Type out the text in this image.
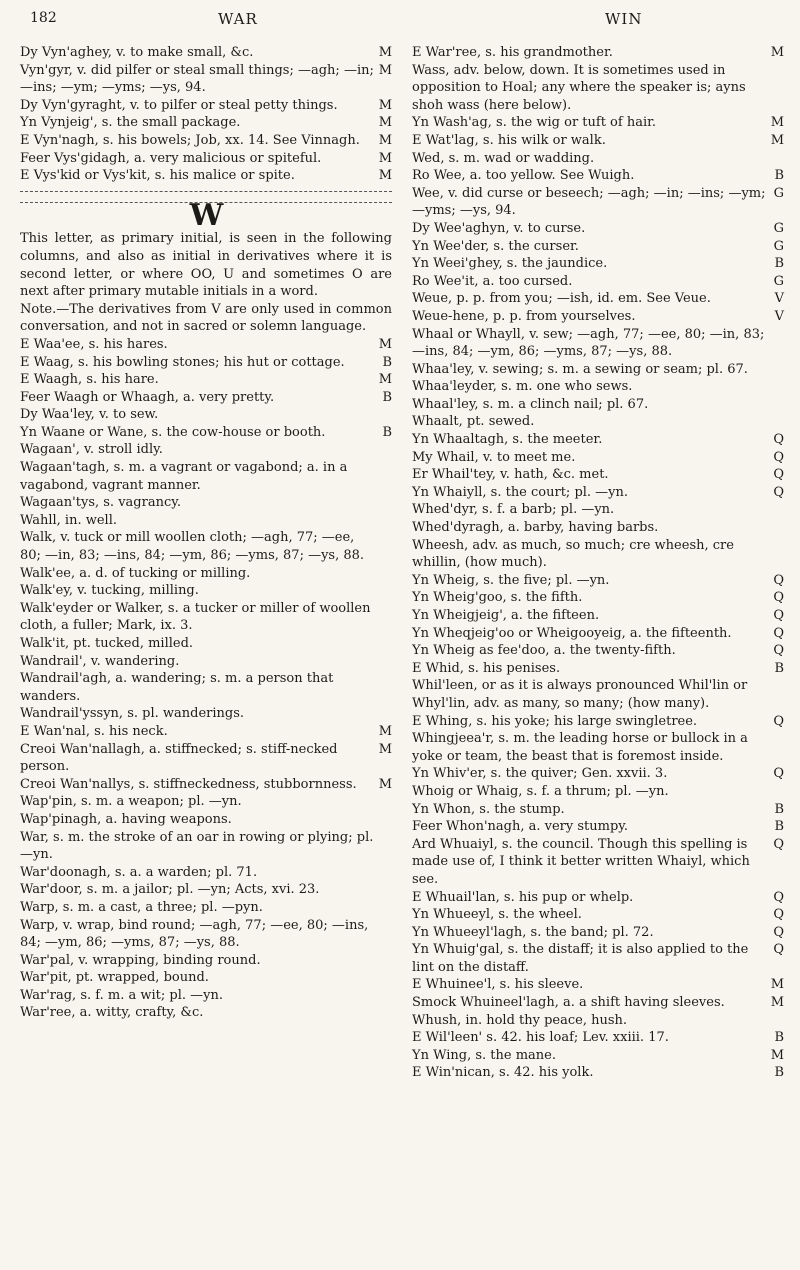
182	WAR	WIN

M
Dy Vyn'aghey, v. to make small, &c.

M
Vyn'gyr, v. did pilfer or steal small things; —agh; —in; —ins; —ym; —yms; —ys, 94.

M
Dy Vyn'gyraght, v. to pilfer or steal petty things.

M
Yn Vynjeig', s. the small package.

M
E Vyn'nagh, s. his bowels; Job, xx. 14. See Vinnagh.

M
Feer Vys'gidagh, a. very malicious or spiteful.

M
E Vys'kid or Vys'kit, s. his malice or spite.

W

This letter, as primary initial, is seen in the following columns, and also as initial in derivatives where it is second letter, or where OO, U and sometimes O are next after primary mutable initials in a word.

Note.—The derivatives from V are only used in common conversation, and not in sacred or solemn language.

M
E Waa'ee, s. his hares.

B
E Waag, s. his bowling stones; his hut or cottage.

M
E Waagh, s. his hare.

B
Feer Waagh or Whaagh, a. very pretty.

Dy Waa'ley, v. to sew.

B
Yn Waane or Wane, s. the cow-house or booth.

Wagaan', v. stroll idly.

Wagaan'tagh, s. m. a vagrant or vagabond; a. in a vagabond, vagrant manner.

Wagaan'tys, s. vagrancy.

Wahll, in. well.

Walk, v. tuck or mill woollen cloth; —agh, 77; —ee, 80; —in, 83; —ins, 84; —ym, 86; —yms, 87; —ys, 88.

Walk'ee, a. d. of tucking or milling.

Walk'ey, v. tucking, milling.

Walk'eyder or Walker, s. a tucker or miller of woollen cloth, a fuller; Mark, ix. 3.

Walk'it, pt. tucked, milled.

Wandrail', v. wandering.

Wandrail'agh, a. wandering; s. m. a person that wanders.

Wandrail'yssyn, s. pl. wanderings.

M
E Wan'nal, s. his neck.

M
Creoi Wan'nallagh, a. stiffnecked; s. stiff-necked person.

M
Creoi Wan'nallys, s. stiffneckedness, stubbornness.

Wap'pin, s. m. a weapon; pl. —yn.

Wap'pinagh, a. having weapons.

War, s. m. the stroke of an oar in rowing or plying; pl. —yn.

War'doonagh, s. a. a warden; pl. 71.

War'door, s. m. a jailor; pl. —yn; Acts, xvi. 23.

Warp, s. m. a cast, a three; pl. —pyn.

Warp, v. wrap, bind round; —agh, 77; —ee, 80; —ins, 84; —ym, 86; —yms, 87; —ys, 88.

War'pal, v. wrapping, binding round.

War'pit, pt. wrapped, bound.

War'rag, s. f. m. a wit; pl. —yn.

War'ree, a. witty, crafty, &c.

M
E War'ree, s. his grandmother.

Wass, adv. below, down. It is sometimes used in opposition to Hoal; any where the speaker is; ayns shoh wass (here below).

M
Yn Wash'ag, s. the wig or tuft of hair.

M
E Wat'lag, s. his wilk or walk.

Wed, s. m. wad or wadding.

B
Ro Wee, a. too yellow. See Wuigh.

G
Wee, v. did curse or beseech; —agh; —in; —ins; —ym; —yms; —ys, 94.

G
Dy Wee'aghyn, v. to curse.

G
Yn Wee'der, s. the curser.

B
Yn Weei'ghey, s. the jaundice.

G
Ro Wee'it, a. too cursed.

V
Weue, p. p. from you; —ish, id. em. See Veue.

V
Weue-hene, p. p. from yourselves.

Whaal or Whayll, v. sew; —agh, 77; —ee, 80; —in, 83; —ins, 84; —ym, 86; —yms, 87; —ys, 88.

Whaa'ley, v. sewing; s. m. a sewing or seam; pl. 67.

Whaa'leyder, s. m. one who sews.

Whaal'ley, s. m. a clinch nail; pl. 67.

Whaalt, pt. sewed.

Q
Yn Whaaltagh, s. the meeter.

Q
My Whail, v. to meet me.

Q
Er Whail'tey, v. hath, &c. met.

Q
Yn Whaiyll, s. the court; pl. —yn.

Whed'dyr, s. f. a barb; pl. —yn.

Whed'dyragh, a. barby, having barbs.

Wheesh, adv. as much, so much; cre wheesh, cre whillin, (how much).

Q
Yn Wheig, s. the five; pl. —yn.

Q
Yn Wheig'goo, s. the fifth.

Q
Yn Wheigjeig', a. the fifteen.

Q
Yn Wheqjeig'oo or Wheigooyeig, a. the fifteenth.

Q
Yn Wheig as fee'doo, a. the twenty-fifth.

B
E Whid, s. his penises.

Whil'leen, or as it is always pronounced Whil'lin or Whyl'lin, adv. as many, so many; (how many).

Q
E Whing, s. his yoke; his large swingletree.

Whingjeea'r, s. m. the leading horse or bullock in a yoke or team, the beast that is foremost inside.

Q
Yn Whiv'er, s. the quiver; Gen. xxvii. 3.

Whoig or Whaig, s. f. a thrum; pl. —yn.

B
Yn Whon, s. the stump.

B
Feer Whon'nagh, a. very stumpy.

Q
Ard Whuaiyl, s. the council. Though this spelling is made use of, I think it better written Whaiyl, which see.

Q
E Whuail'lan, s. his pup or whelp.

Q
Yn Whueeyl, s. the wheel.

Q
Yn Whueeyl'lagh, s. the band; pl. 72.

Q
Yn Whuig'gal, s. the distaff; it is also applied to the lint on the distaff.

M
E Whuinee'l, s. his sleeve.

M
Smock Whuineel'lagh, a. a shift having sleeves.

Whush, in. hold thy peace, hush.

B
E Wil'leen' s. 42. his loaf; Lev. xxiii. 17.

M
Yn Wing, s. the mane.

B
E Win'nican, s. 42. his yolk.
